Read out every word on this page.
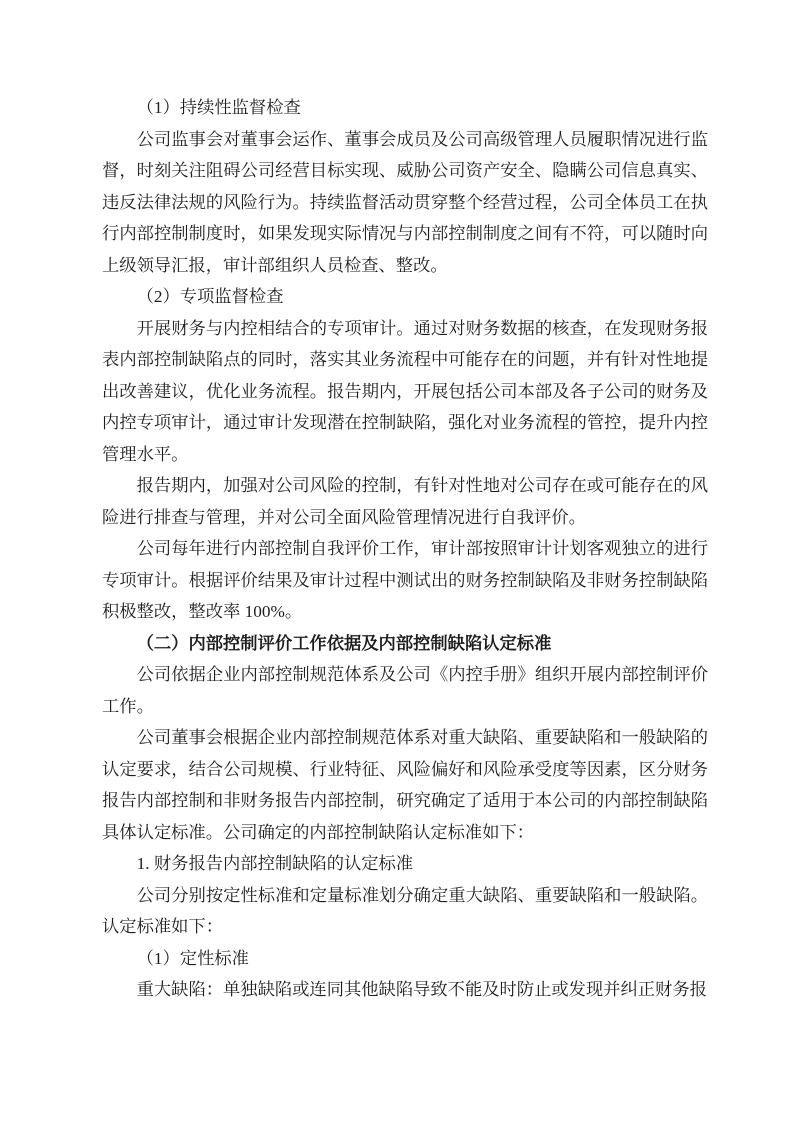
（1）持续性监督检查

公司监事会对董事会运作、董事会成员及公司高级管理人员履职情况进行监督，时刻关注阻碍公司经营目标实现、威胁公司资产安全、隐瞒公司信息真实、违反法律法规的风险行为。持续监督活动贯穿整个经营过程，公司全体员工在执行内部控制制度时，如果发现实际情况与内部控制制度之间有不符，可以随时向上级领导汇报，审计部组织人员检查、整改。

（2）专项监督检查

开展财务与内控相结合的专项审计。通过对财务数据的核查，在发现财务报表内部控制缺陷点的同时，落实其业务流程中可能存在的问题，并有针对性地提出改善建议，优化业务流程。报告期内，开展包括公司本部及各子公司的财务及内控专项审计，通过审计发现潜在控制缺陷，强化对业务流程的管控，提升内控管理水平。

报告期内，加强对公司风险的控制，有针对性地对公司存在或可能存在的风险进行排查与管理，并对公司全面风险管理情况进行自我评价。

公司每年进行内部控制自我评价工作，审计部按照审计计划客观独立的进行专项审计。根据评价结果及审计过程中测试出的财务控制缺陷及非财务控制缺陷积极整改，整改率 100%。

（二）内部控制评价工作依据及内部控制缺陷认定标准

公司依据企业内部控制规范体系及公司《内控手册》组织开展内部控制评价工作。

公司董事会根据企业内部控制规范体系对重大缺陷、重要缺陷和一般缺陷的认定要求，结合公司规模、行业特征、风险偏好和风险承受度等因素，区分财务报告内部控制和非财务报告内部控制，研究确定了适用于本公司的内部控制缺陷具体认定标准。公司确定的内部控制缺陷认定标准如下：

1. 财务报告内部控制缺陷的认定标准

公司分别按定性标准和定量标准划分确定重大缺陷、重要缺陷和一般缺陷。认定标准如下：

（1）定性标准

重大缺陷：单独缺陷或连同其他缺陷导致不能及时防止或发现并纠正财务报
